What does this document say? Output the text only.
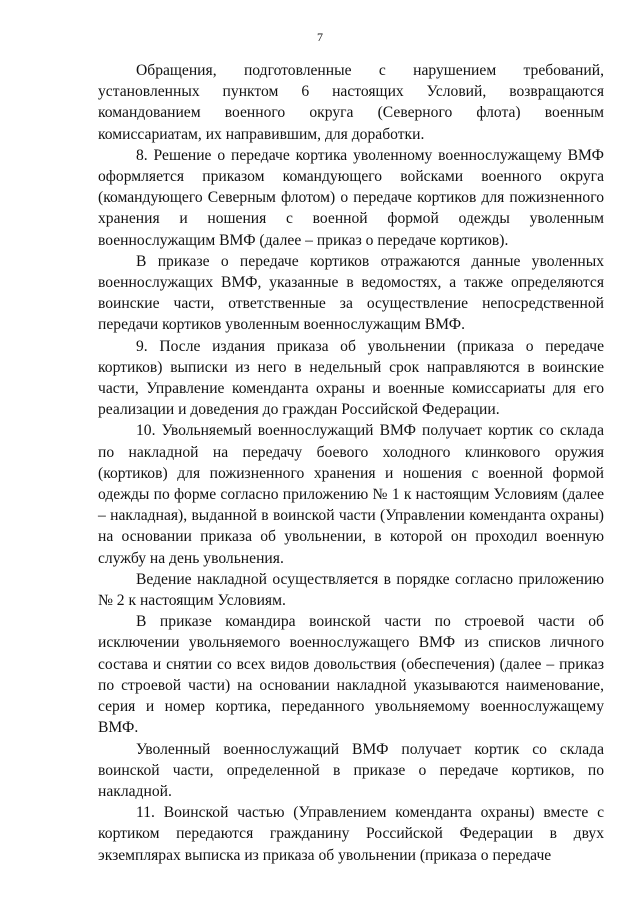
7

Обращения, подготовленные с нарушением требований, установленных пунктом 6 настоящих Условий, возвращаются командованием военного округа (Северного флота) военным комиссариатам, их направившим, для доработки.

8. Решение о передаче кортика уволенному военнослужащему ВМФ оформляется приказом командующего войсками военного округа (командующего Северным флотом) о передаче кортиков для пожизненного хранения и ношения с военной формой одежды уволенным военнослужащим ВМФ (далее – приказ о передаче кортиков).

В приказе о передаче кортиков отражаются данные уволенных военнослужащих ВМФ, указанные в ведомостях, а также определяются воинские части, ответственные за осуществление непосредственной передачи кортиков уволенным военнослужащим ВМФ.

9. После издания приказа об увольнении (приказа о передаче кортиков) выписки из него в недельный срок направляются в воинские части, Управление коменданта охраны и военные комиссариаты для его реализации и доведения до граждан Российской Федерации.

10. Увольняемый военнослужащий ВМФ получает кортик со склада по накладной на передачу боевого холодного клинкового оружия (кортиков) для пожизненного хранения и ношения с военной формой одежды по форме согласно приложению № 1 к настоящим Условиям (далее – накладная), выданной в воинской части (Управлении коменданта охраны) на основании приказа об увольнении, в которой он проходил военную службу на день увольнения.

Ведение накладной осуществляется в порядке согласно приложению № 2 к настоящим Условиям.

В приказе командира воинской части по строевой части об исключении увольняемого военнослужащего ВМФ из списков личного состава и снятии со всех видов довольствия (обеспечения) (далее – приказ по строевой части) на основании накладной указываются наименование, серия и номер кортика, переданного увольняемому военнослужащему ВМФ.

Уволенный военнослужащий ВМФ получает кортик со склада воинской части, определенной в приказе о передаче кортиков, по накладной.

11. Воинской частью (Управлением коменданта охраны) вместе с кортиком передаются гражданину Российской Федерации в двух экземплярах выписка из приказа об увольнении (приказа о передаче
